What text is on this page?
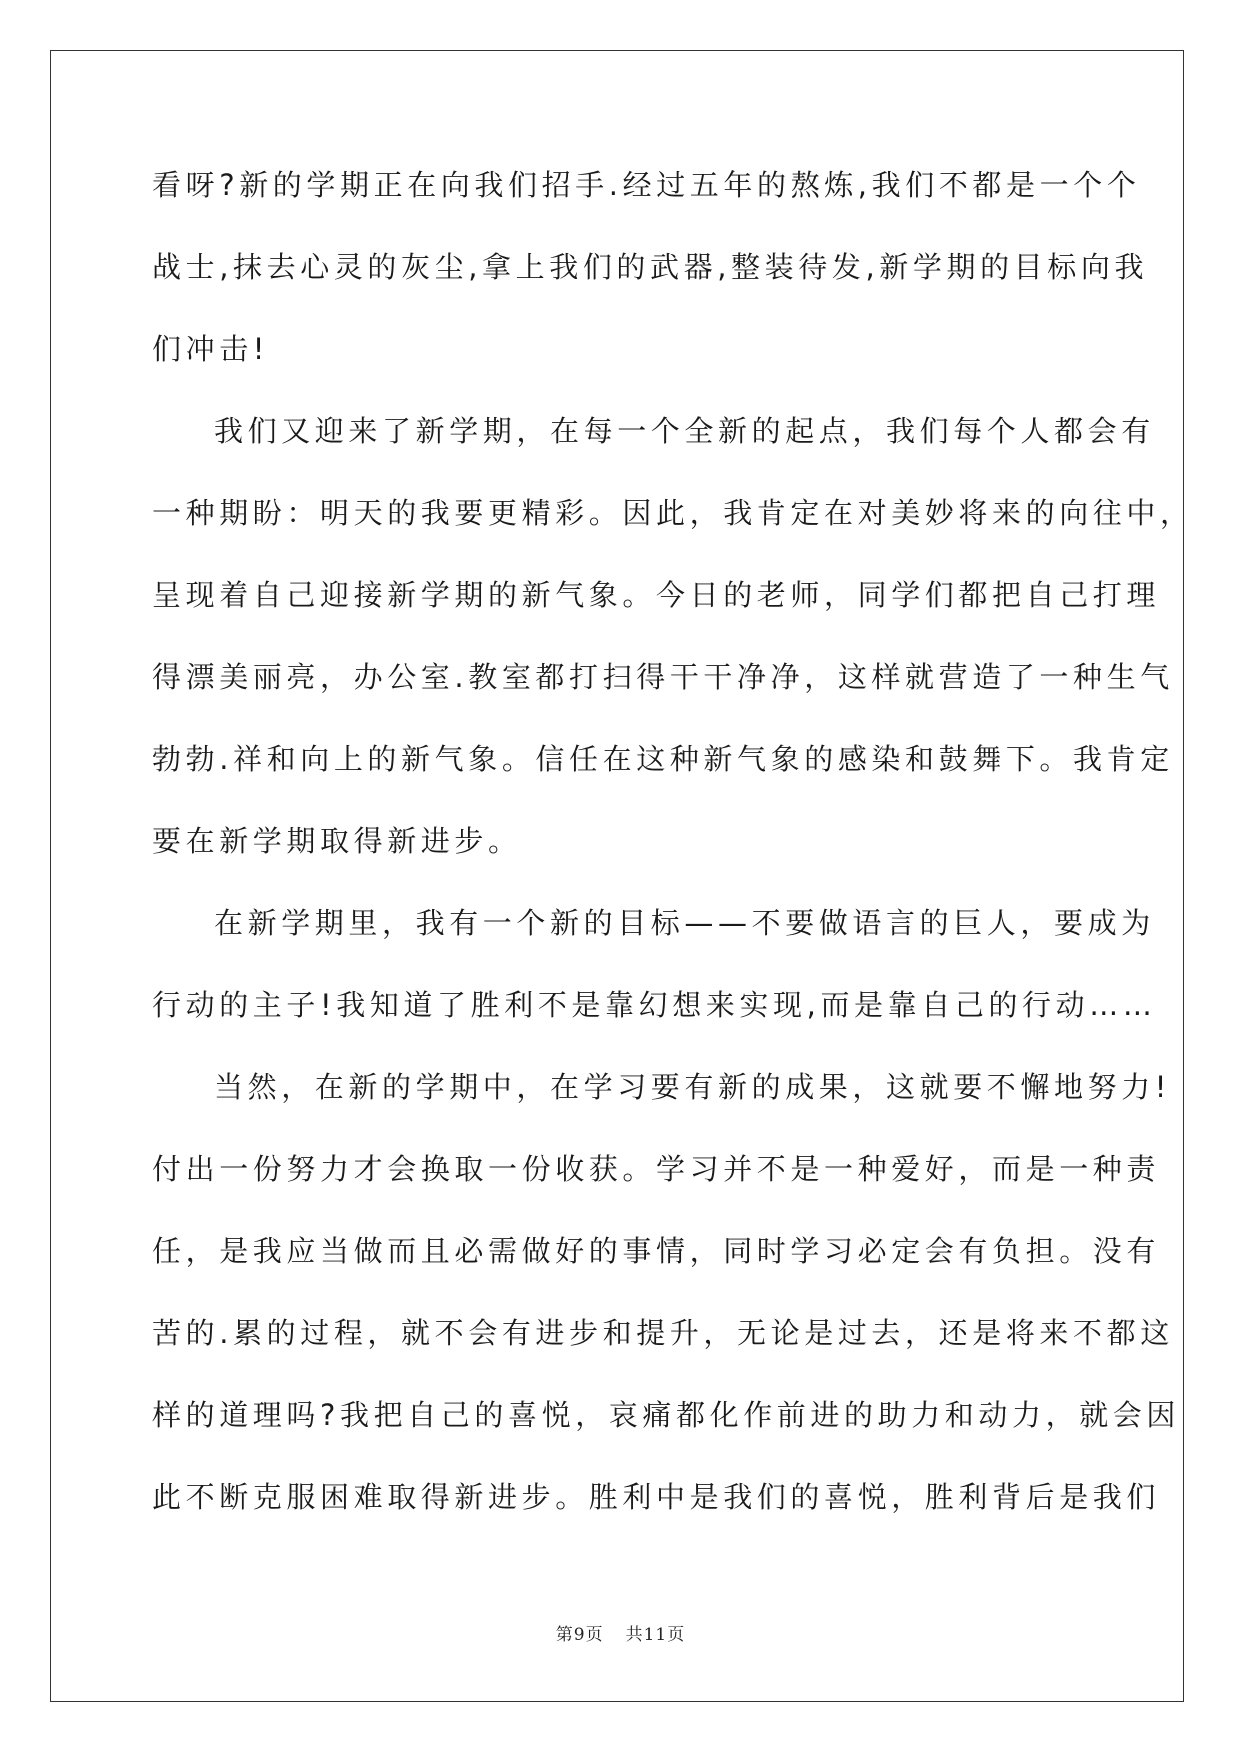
看呀?新的学期正在向我们招手.经过五年的熬炼,我们不都是一个个
战士,抹去心灵的灰尘,拿上我们的武器,整装待发,新学期的目标向我
们冲击!
我们又迎来了新学期，在每一个全新的起点，我们每个人都会有
一种期盼：明天的我要更精彩。因此，我肯定在对美妙将来的向往中，
呈现着自己迎接新学期的新气象。今日的老师，同学们都把自己打理
得漂美丽亮，办公室.教室都打扫得干干净净，这样就营造了一种生气
勃勃.祥和向上的新气象。信任在这种新气象的感染和鼓舞下。我肯定
要在新学期取得新进步。
在新学期里，我有一个新的目标——不要做语言的巨人，要成为
行动的主子!我知道了胜利不是靠幻想来实现,而是靠自己的行动……
当然，在新的学期中，在学习要有新的成果，这就要不懈地努力!
付出一份努力才会换取一份收获。学习并不是一种爱好，而是一种责
任，是我应当做而且必需做好的事情，同时学习必定会有负担。没有
苦的.累的过程，就不会有进步和提升，无论是过去，还是将来不都这
样的道理吗?我把自己的喜悦，哀痛都化作前进的助力和动力，就会因
此不断克服困难取得新进步。胜利中是我们的喜悦，胜利背后是我们
第9页 共11页
